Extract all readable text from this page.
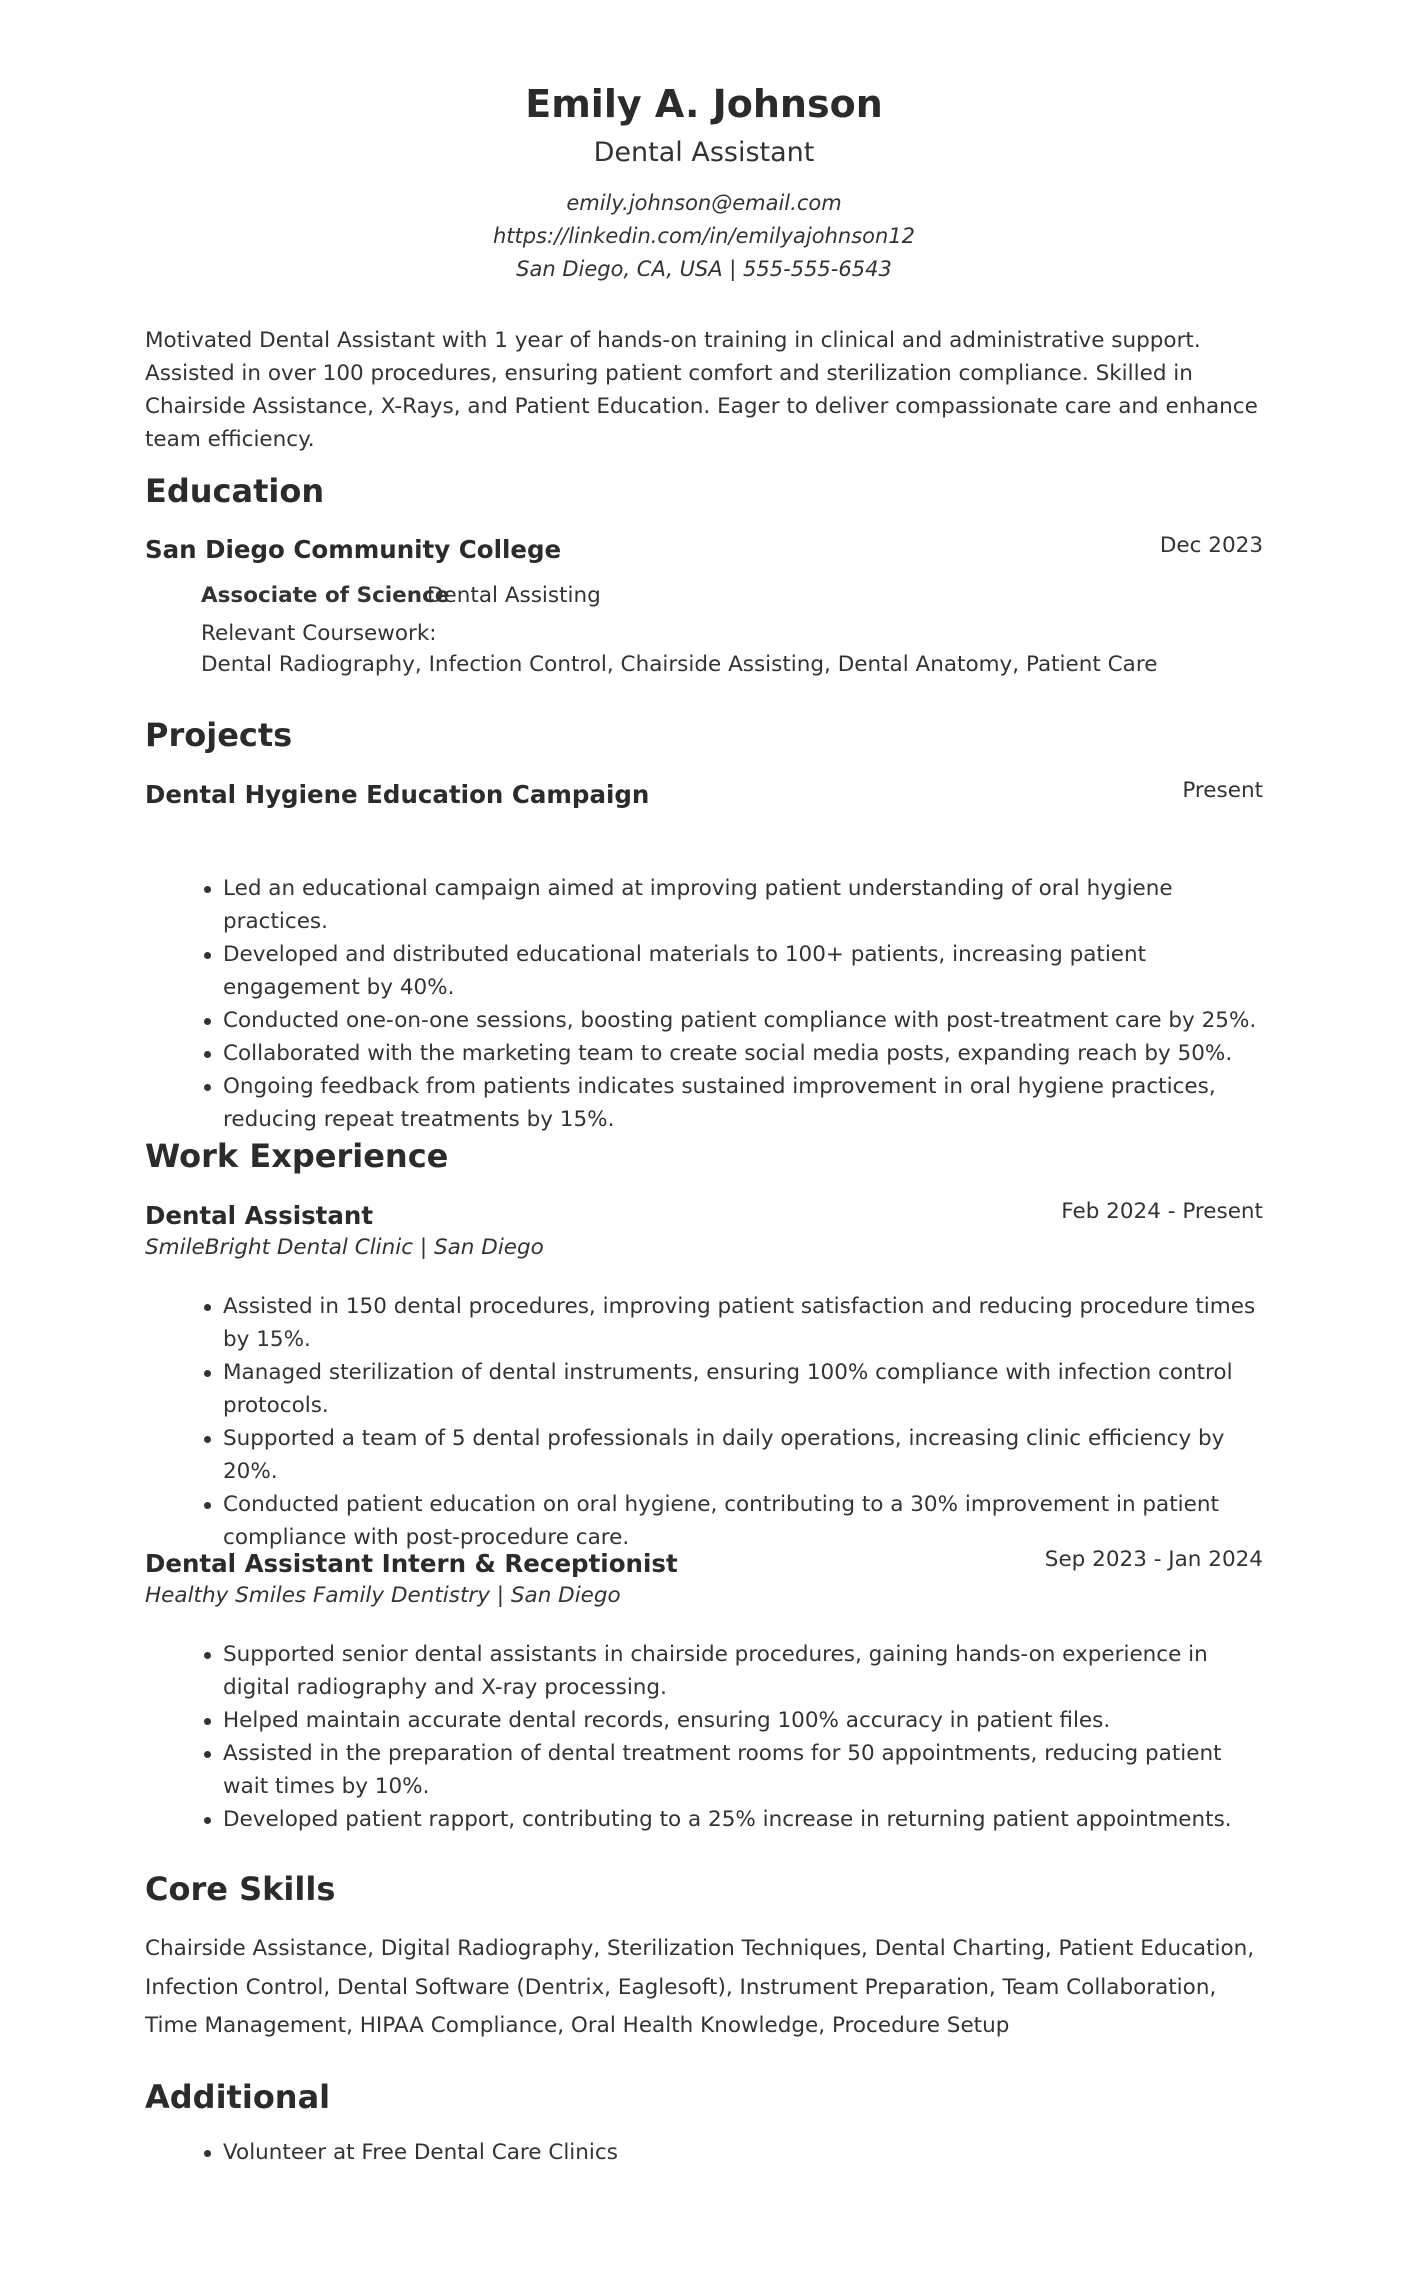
Emily A. Johnson
Dental Assistant
emily.johnson@email.com
https://linkedin.com/in/emilyajohnson12
San Diego, CA, USA | 555-555-6543
Motivated Dental Assistant with 1 year of hands-on training in clinical and administrative support. Assisted in over 100 procedures, ensuring patient comfort and sterilization compliance. Skilled in Chairside Assistance, X-Rays, and Patient Education. Eager to deliver compassionate care and enhance team efficiency.
Education
San Diego Community College	Dec 2023
Associate of Science
Dental Assisting
Relevant Coursework:
Dental Radiography, Infection Control, Chairside Assisting, Dental Anatomy, Patient Care
Projects
Dental Hygiene Education Campaign	Present
Led an educational campaign aimed at improving patient understanding of oral hygiene practices.
Developed and distributed educational materials to 100+ patients, increasing patient engagement by 40%.
Conducted one-on-one sessions, boosting patient compliance with post-treatment care by 25%.
Collaborated with the marketing team to create social media posts, expanding reach by 50%.
Ongoing feedback from patients indicates sustained improvement in oral hygiene practices, reducing repeat treatments by 15%.
Work Experience
Dental Assistant	Feb 2024 - Present
SmileBright Dental Clinic | San Diego
Assisted in 150 dental procedures, improving patient satisfaction and reducing procedure times by 15%.
Managed sterilization of dental instruments, ensuring 100% compliance with infection control protocols.
Supported a team of 5 dental professionals in daily operations, increasing clinic efficiency by 20%.
Conducted patient education on oral hygiene, contributing to a 30% improvement in patient compliance with post-procedure care.
Dental Assistant Intern & Receptionist	Sep 2023 - Jan 2024
Healthy Smiles Family Dentistry | San Diego
Supported senior dental assistants in chairside procedures, gaining hands-on experience in digital radiography and X-ray processing.
Helped maintain accurate dental records, ensuring 100% accuracy in patient files.
Assisted in the preparation of dental treatment rooms for 50 appointments, reducing patient wait times by 10%.
Developed patient rapport, contributing to a 25% increase in returning patient appointments.
Core Skills
Chairside Assistance, Digital Radiography, Sterilization Techniques, Dental Charting, Patient Education,
Infection Control, Dental Software (Dentrix, Eaglesoft), Instrument Preparation, Team Collaboration,
Time Management, HIPAA Compliance, Oral Health Knowledge, Procedure Setup
Additional
Volunteer at Free Dental Care Clinics
